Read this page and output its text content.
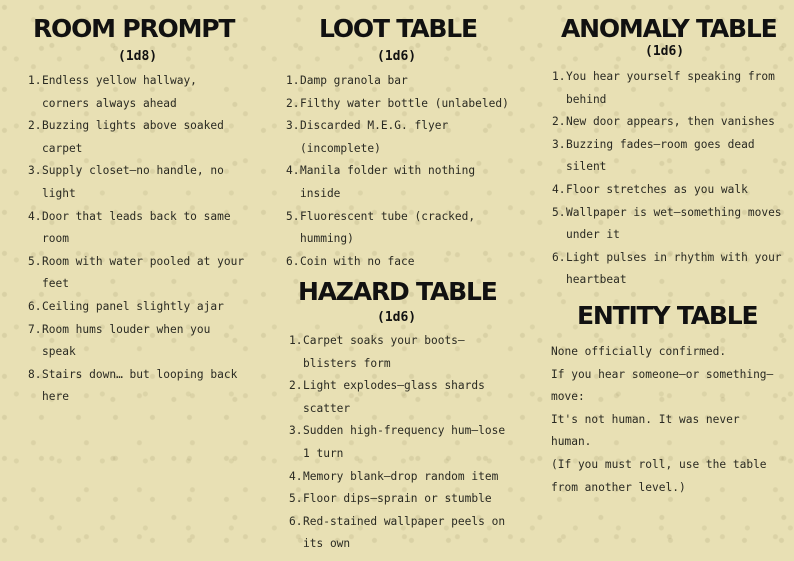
ROOM PROMPT
(1d8)
1. Endless yellow hallway,
corners always ahead
2. Buzzing lights above soaked
carpet
3. Supply closet—no handle, no
light
4. Door that leads back to same
room
5. Room with water pooled at your
feet
6. Ceiling panel slightly ajar
7. Room hums louder when you
speak
8. Stairs down… but looping back
here
LOOT TABLE
(1d6)
1. Damp granola bar
2. Filthy water bottle (unlabeled)
3. Discarded M.E.G. flyer
(incomplete)
4. Manila folder with nothing
inside
5. Fluorescent tube (cracked,
humming)
6. Coin with no face
HAZARD TABLE
(1d6)
1. Carpet soaks your boots—
blisters form
2. Light explodes—glass shards
scatter
3. Sudden high-frequency hum—lose
1 turn
4. Memory blank—drop random item
5. Floor dips—sprain or stumble
6. Red-stained wallpaper peels on
its own
ANOMALY TABLE
(1d6)
1. You hear yourself speaking from
behind
2. New door appears, then vanishes
3. Buzzing fades—room goes dead
silent
4. Floor stretches as you walk
5. Wallpaper is wet—something moves
under it
6. Light pulses in rhythm with your
heartbeat
ENTITY TABLE
None officially confirmed.
If you hear someone—or something—
move:
It's not human. It was never
human.
(If you must roll, use the table
from another level.)
